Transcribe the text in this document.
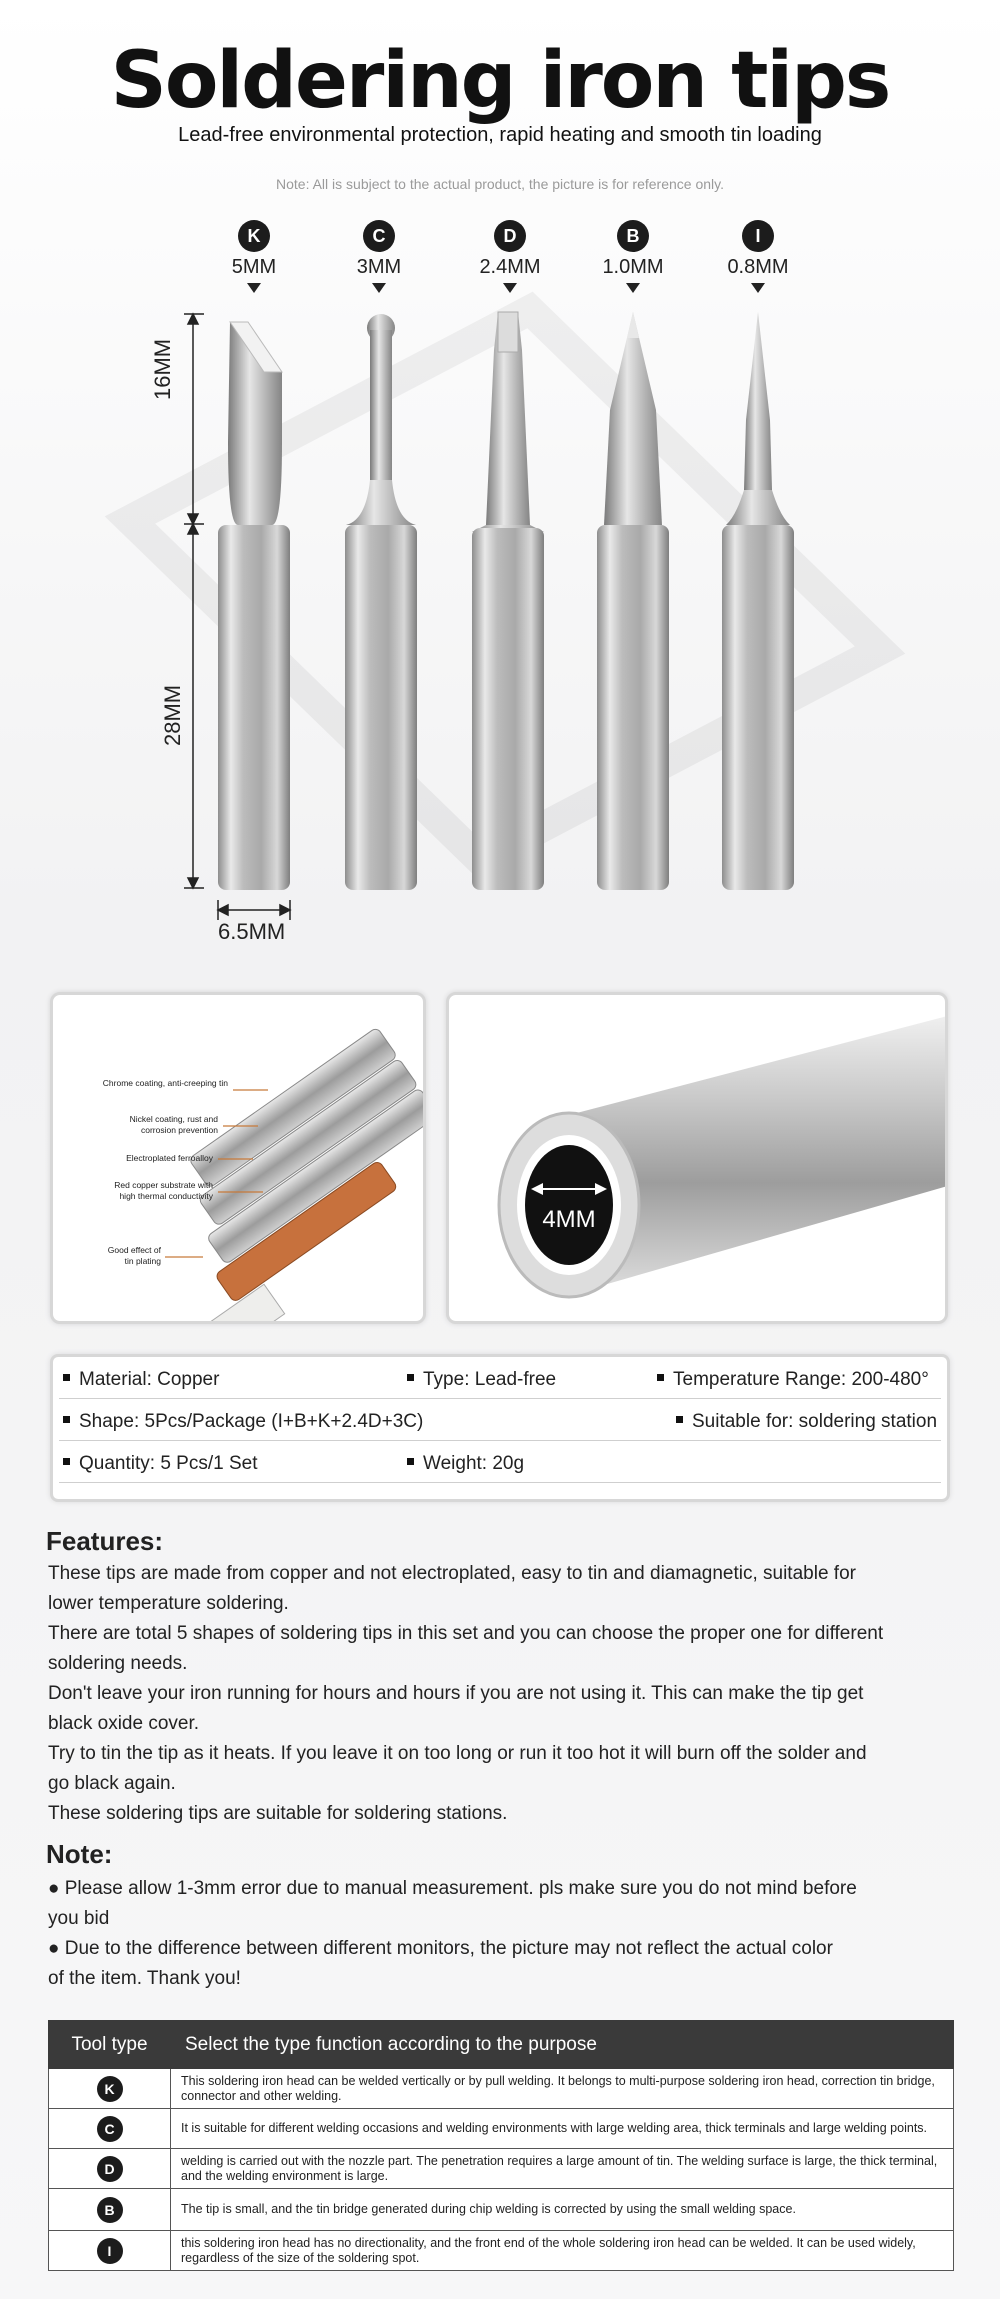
Soldering iron tips
Lead-free environmental protection, rapid heating and smooth tin loading
Note: All is subject to the actual product, the picture is for reference only.
K
5MM
C
3MM
D
2.4MM
B
1.0MM
I
0.8MM
16MM
28MM
6.5MM
Chrome coating, anti-creeping tin
Nickel coating, rust and
corrosion prevention
Electroplated ferroalloy
Red copper substrate with
high thermal conductivity
Good effect of
tin plating
4MM
Material: Copper	Type: Lead-free	Temperature Range: 200-480°
Shape: 5Pcs/Package (I+B+K+2.4D+3C)	Suitable for: soldering station
Quantity: 5 Pcs/1 Set	Weight: 20g
Features:
These tips are made from copper and not electroplated, easy to tin and diamagnetic, suitable for
lower temperature soldering.
There are total 5 shapes of soldering tips in this set and you can choose the proper one for different
soldering needs.
Don't leave your iron running for hours and hours if you are not using it. This can make the tip get
black oxide cover.
Try to tin the tip as it heats. If you leave it on too long or run it too hot it will burn off the solder and
go black again.
These soldering tips are suitable for soldering stations.
Note:
● Please allow 1-3mm error due to manual measurement. pls make sure you do not mind before
you bid
● Due to the difference between different monitors, the picture may not reflect the actual color
of the item. Thank you!
Tool type	Select the type function according to the purpose
K	This soldering iron head can be welded vertically or by pull welding. It belongs to multi-purpose soldering iron head, correction tin bridge, connector and other welding.
C	It is suitable for different welding occasions and welding environments with large welding area, thick terminals and large welding points.
D	welding is carried out with the nozzle part. The penetration requires a large amount of tin. The welding surface is large, the thick terminal, and the welding environment is large.
B	The tip is small, and the tin bridge generated during chip welding is corrected by using the small welding space.
I	this soldering iron head has no directionality, and the front end of the whole soldering iron head can be welded. It can be used widely, regardless of the size of the soldering spot.
